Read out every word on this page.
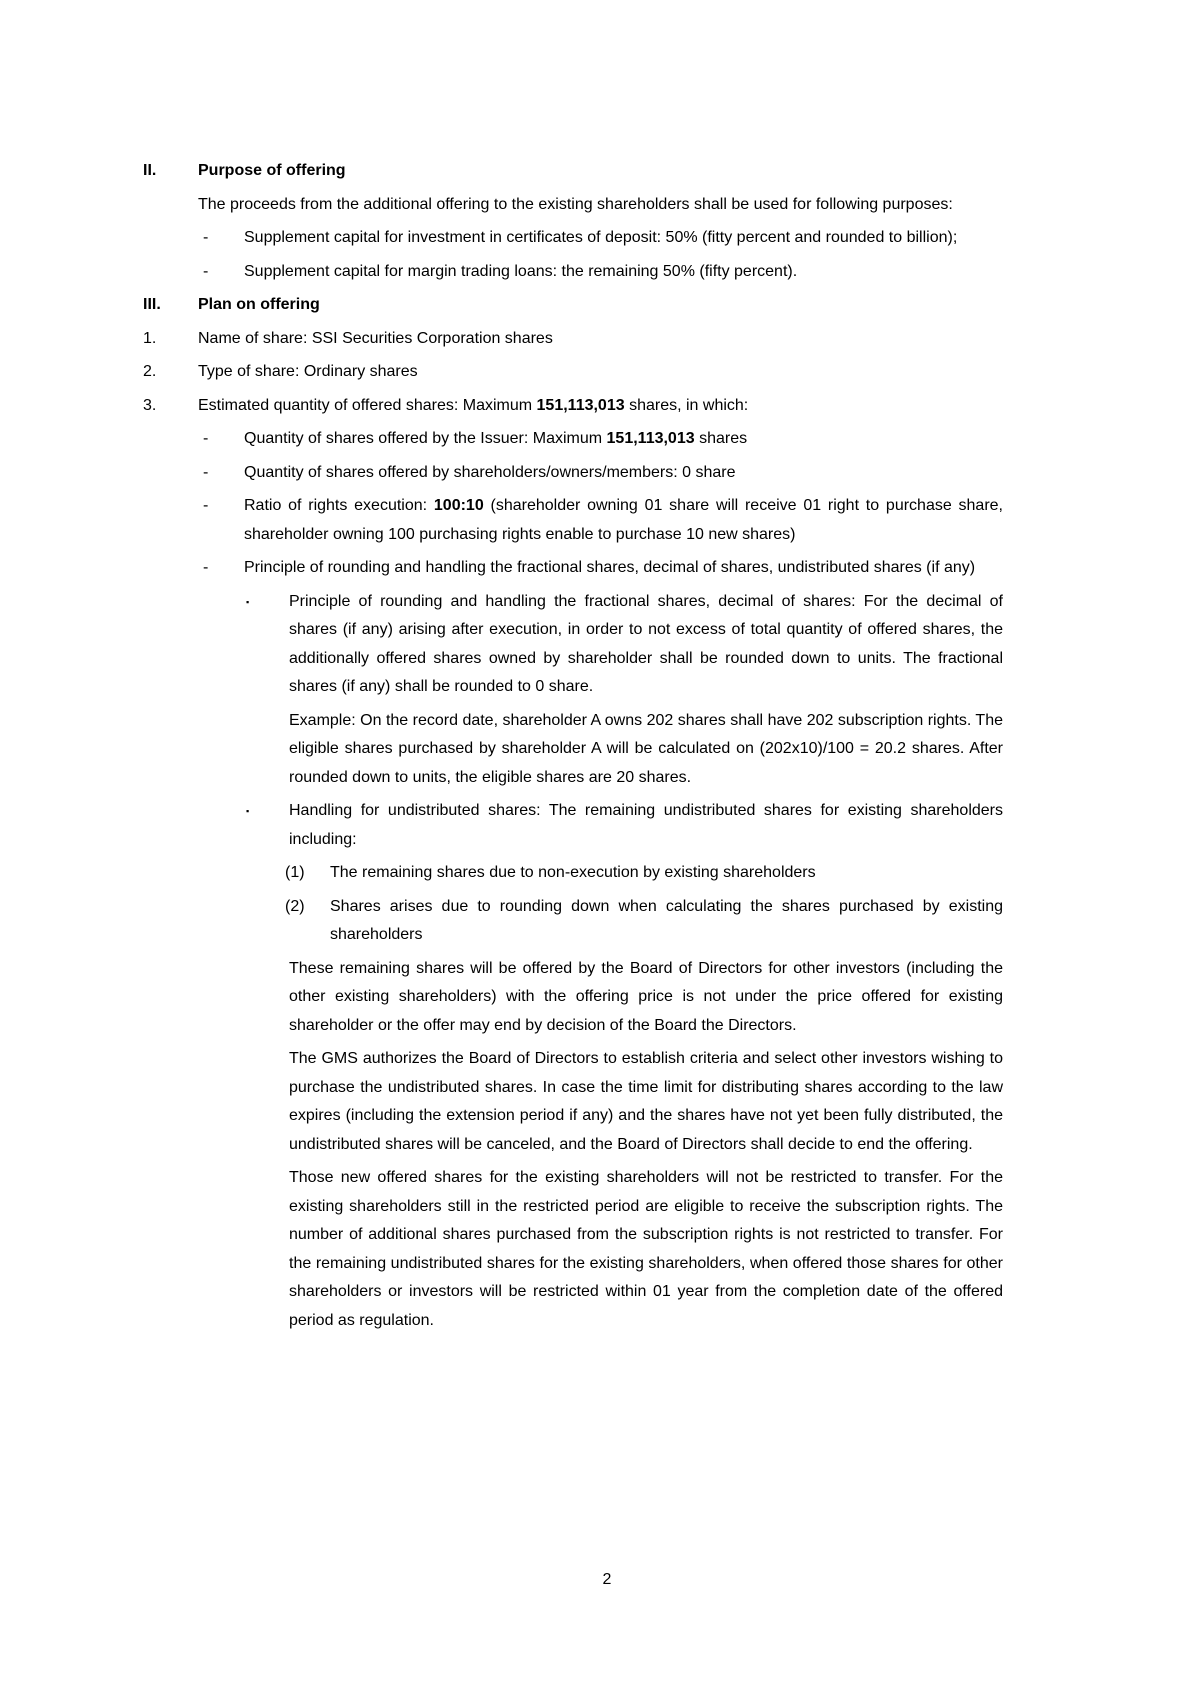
II.	Purpose of offering
The proceeds from the additional offering to the existing shareholders shall be used for following purposes:
- Supplement capital for investment in certificates of deposit: 50% (fitty percent and rounded to billion);
- Supplement capital for margin trading loans: the remaining 50% (fifty percent).
III. Plan on offering
1.	Name of share: SSI Securities Corporation shares
2.	Type of share: Ordinary shares
3.	Estimated quantity of offered shares: Maximum 151,113,013 shares, in which:
- Quantity of shares offered by the Issuer: Maximum 151,113,013 shares
- Quantity of shares offered by shareholders/owners/members: 0 share
- Ratio of rights execution: 100:10 (shareholder owning 01 share will receive 01 right to purchase share, shareholder owning 100 purchasing rights enable to purchase 10 new shares)
- Principle of rounding and handling the fractional shares, decimal of shares, undistributed shares (if any)
▪ Principle of rounding and handling the fractional shares, decimal of shares: For the decimal of shares (if any) arising after execution, in order to not excess of total quantity of offered shares, the additionally offered shares owned by shareholder shall be rounded down to units. The fractional shares (if any) shall be rounded to 0 share.
Example: On the record date, shareholder A owns 202 shares shall have 202 subscription rights. The eligible shares purchased by shareholder A will be calculated on (202x10)/100 = 20.2 shares. After rounded down to units, the eligible shares are 20 shares.
▪ Handling for undistributed shares: The remaining undistributed shares for existing shareholders including:
(1) The remaining shares due to non-execution by existing shareholders
(2) Shares arises due to rounding down when calculating the shares purchased by existing shareholders
These remaining shares will be offered by the Board of Directors for other investors (including the other existing shareholders) with the offering price is not under the price offered for existing shareholder or the offer may end by decision of the Board the Directors.
The GMS authorizes the Board of Directors to establish criteria and select other investors wishing to purchase the undistributed shares. In case the time limit for distributing shares according to the law expires (including the extension period if any) and the shares have not yet been fully distributed, the undistributed shares will be canceled, and the Board of Directors shall decide to end the offering.
Those new offered shares for the existing shareholders will not be restricted to transfer. For the existing shareholders still in the restricted period are eligible to receive the subscription rights. The number of additional shares purchased from the subscription rights is not restricted to transfer. For the remaining undistributed shares for the existing shareholders, when offered those shares for other shareholders or investors will be restricted within 01 year from the completion date of the offered period as regulation.
2
